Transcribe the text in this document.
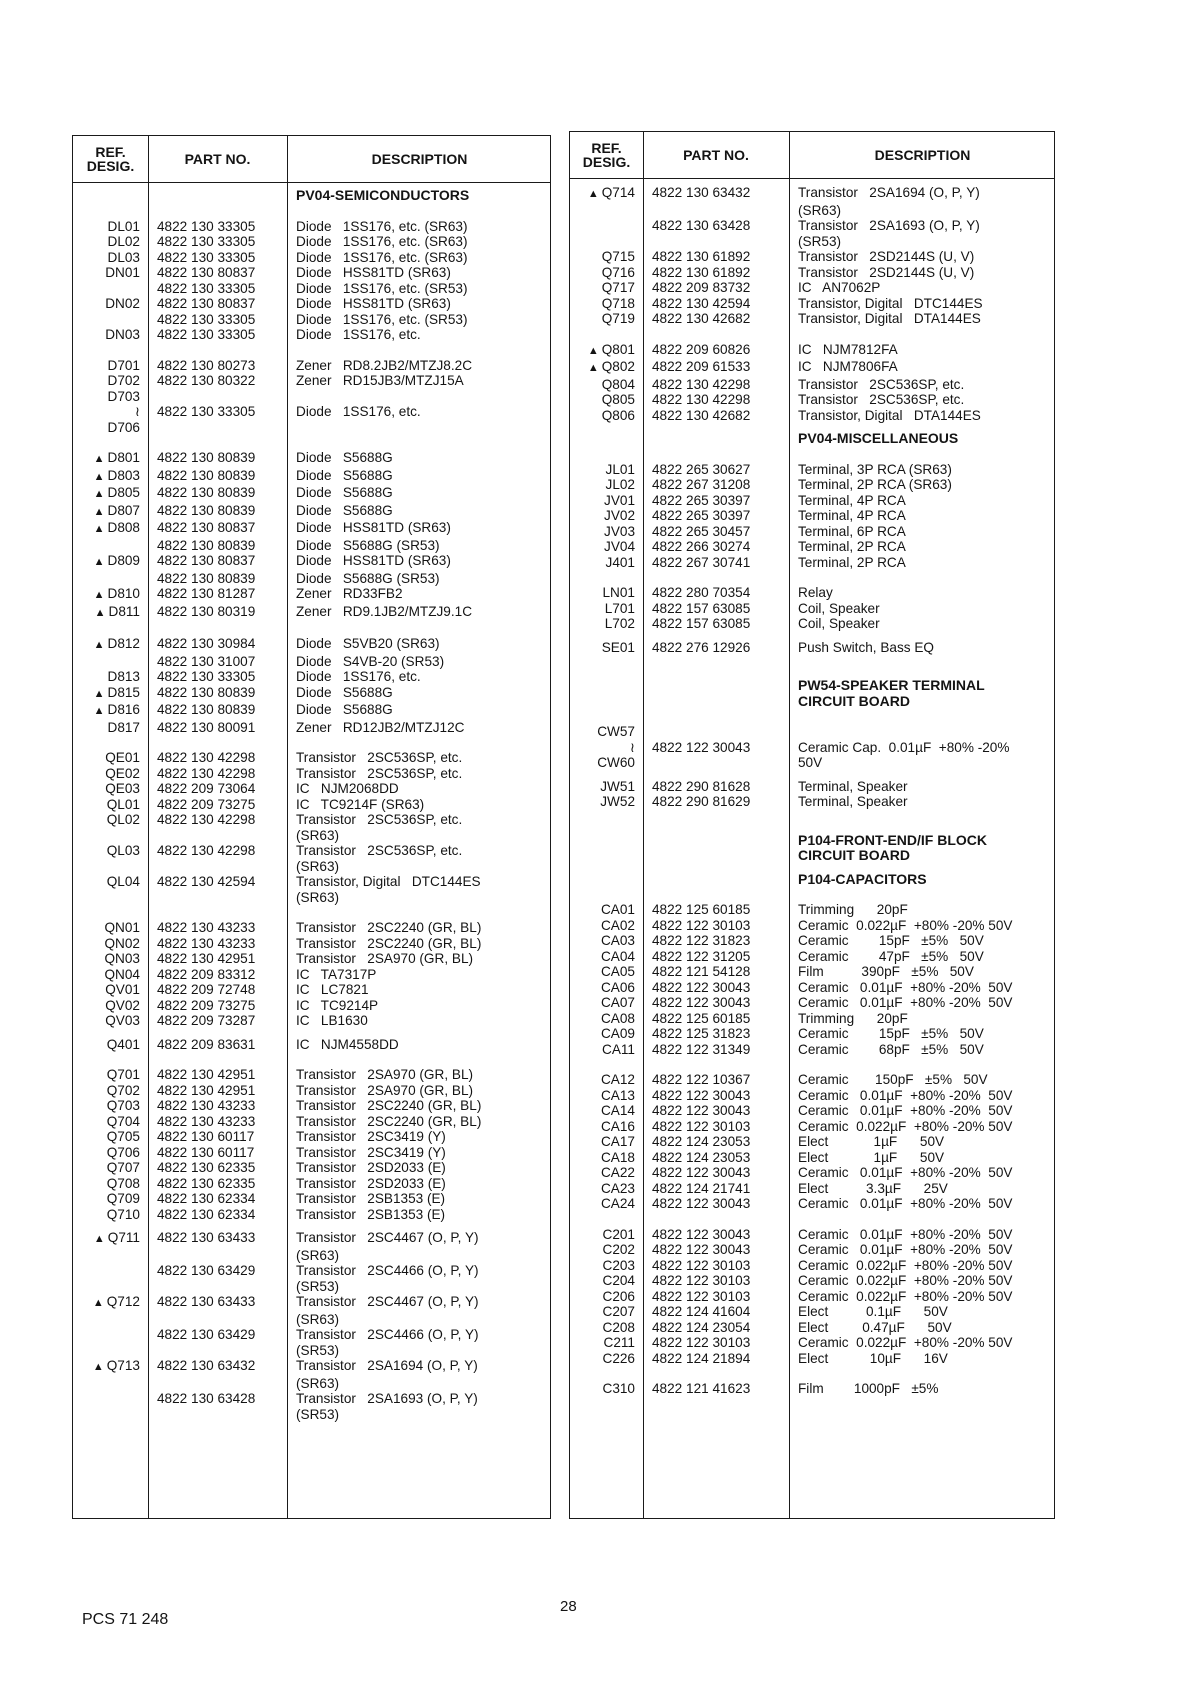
REF. DESIG.	PART NO.	DESCRIPTION
PV04-SEMICONDUCTORS
DL01	4822 130 33305	Diode   1SS176, etc. (SR63)
DL02	4822 130 33305	Diode   1SS176, etc. (SR63)
DL03	4822 130 33305	Diode   1SS176, etc. (SR63)
DN01	4822 130 80837	Diode   HSS81TD (SR63)
4822 130 33305	Diode   1SS176, etc. (SR53)
DN02	4822 130 80837	Diode   HSS81TD (SR63)
4822 130 33305	Diode   1SS176, etc. (SR53)
DN03	4822 130 33305	Diode   1SS176, etc.
D701	4822 130 80273	Zener   RD8.2JB2/MTZJ8.2C
D702	4822 130 80322	Zener   RD15JB3/MTZJ15A
D703
≀	4822 130 33305	Diode   1SS176, etc.
D706
▲ D801	4822 130 80839	Diode   S5688G
▲ D803	4822 130 80839	Diode   S5688G
▲ D805	4822 130 80839	Diode   S5688G
▲ D807	4822 130 80839	Diode   S5688G
▲ D808	4822 130 80837	Diode   HSS81TD (SR63)
4822 130 80839	Diode   S5688G (SR53)
▲ D809	4822 130 80837	Diode   HSS81TD (SR63)
4822 130 80839	Diode   S5688G (SR53)
▲ D810	4822 130 81287	Zener   RD33FB2
▲ D811	4822 130 80319	Zener   RD9.1JB2/MTZJ9.1C
▲ D812	4822 130 30984	Diode   S5VB20 (SR63)
4822 130 31007	Diode   S4VB-20 (SR53)
D813	4822 130 33305	Diode   1SS176, etc.
▲ D815	4822 130 80839	Diode   S5688G
▲ D816	4822 130 80839	Diode   S5688G
D817	4822 130 80091	Zener   RD12JB2/MTZJ12C
QE01	4822 130 42298	Transistor   2SC536SP, etc.
QE02	4822 130 42298	Transistor   2SC536SP, etc.
QE03	4822 209 73064	IC   NJM2068DD
QL01	4822 209 73275	IC   TC9214F (SR63)
QL02	4822 130 42298	Transistor   2SC536SP, etc.
(SR63)
QL03	4822 130 42298	Transistor   2SC536SP, etc.
(SR63)
QL04	4822 130 42594	Transistor, Digital   DTC144ES
(SR63)
QN01	4822 130 43233	Transistor   2SC2240 (GR, BL)
QN02	4822 130 43233	Transistor   2SC2240 (GR, BL)
QN03	4822 130 42951	Transistor   2SA970 (GR, BL)
QN04	4822 209 83312	IC   TA7317P
QV01	4822 209 72748	IC   LC7821
QV02	4822 209 73275	IC   TC9214P
QV03	4822 209 73287	IC   LB1630
Q401	4822 209 83631	IC   NJM4558DD
Q701	4822 130 42951	Transistor   2SA970 (GR, BL)
Q702	4822 130 42951	Transistor   2SA970 (GR, BL)
Q703	4822 130 43233	Transistor   2SC2240 (GR, BL)
Q704	4822 130 43233	Transistor   2SC2240 (GR, BL)
Q705	4822 130 60117	Transistor   2SC3419 (Y)
Q706	4822 130 60117	Transistor   2SC3419 (Y)
Q707	4822 130 62335	Transistor   2SD2033 (E)
Q708	4822 130 62335	Transistor   2SD2033 (E)
Q709	4822 130 62334	Transistor   2SB1353 (E)
Q710	4822 130 62334	Transistor   2SB1353 (E)
▲ Q711	4822 130 63433	Transistor   2SC4467 (O, P, Y)
(SR63)
4822 130 63429	Transistor   2SC4466 (O, P, Y)
(SR53)
▲ Q712	4822 130 63433	Transistor   2SC4467 (O, P, Y)
(SR63)
4822 130 63429	Transistor   2SC4466 (O, P, Y)
(SR53)
▲ Q713	4822 130 63432	Transistor   2SA1694 (O, P, Y)
(SR63)
4822 130 63428	Transistor   2SA1693 (O, P, Y)
(SR53)
REF. DESIG.	PART NO.	DESCRIPTION
▲ Q714	4822 130 63432	Transistor   2SA1694 (O, P, Y)
(SR63)
4822 130 63428	Transistor   2SA1693 (O, P, Y)
(SR53)
Q715	4822 130 61892	Transistor   2SD2144S (U, V)
Q716	4822 130 61892	Transistor   2SD2144S (U, V)
Q717	4822 209 83732	IC   AN7062P
Q718	4822 130 42594	Transistor, Digital   DTC144ES
Q719	4822 130 42682	Transistor, Digital   DTA144ES
▲ Q801	4822 209 60826	IC   NJM7812FA
▲ Q802	4822 209 61533	IC   NJM7806FA
Q804	4822 130 42298	Transistor   2SC536SP, etc.
Q805	4822 130 42298	Transistor   2SC536SP, etc.
Q806	4822 130 42682	Transistor, Digital   DTA144ES
PV04-MISCELLANEOUS
JL01	4822 265 30627	Terminal, 3P RCA (SR63)
JL02	4822 267 31208	Terminal, 2P RCA (SR63)
JV01	4822 265 30397	Terminal, 4P RCA
JV02	4822 265 30397	Terminal, 4P RCA
JV03	4822 265 30457	Terminal, 6P RCA
JV04	4822 266 30274	Terminal, 2P RCA
J401	4822 267 30741	Terminal, 2P RCA
LN01	4822 280 70354	Relay
L701	4822 157 63085	Coil, Speaker
L702	4822 157 63085	Coil, Speaker
SE01	4822 276 12926	Push Switch, Bass EQ
PW54-SPEAKER TERMINAL
CIRCUIT BOARD
CW57
≀	4822 122 30043	Ceramic Cap.  0.01µF  +80% -20%
CW60	50V
JW51	4822 290 81628	Terminal, Speaker
JW52	4822 290 81629	Terminal, Speaker
P104-FRONT-END/IF BLOCK
CIRCUIT BOARD
P104-CAPACITORS
CA01	4822 125 60185	Trimming      20pF
CA02	4822 122 30103	Ceramic  0.022µF  +80% -20% 50V
CA03	4822 122 31823	Ceramic        15pF   ±5%   50V
CA04	4822 122 31205	Ceramic        47pF   ±5%   50V
CA05	4822 121 54128	Film          390pF   ±5%   50V
CA06	4822 122 30043	Ceramic   0.01µF  +80% -20%  50V
CA07	4822 122 30043	Ceramic   0.01µF  +80% -20%  50V
CA08	4822 125 60185	Trimming      20pF
CA09	4822 125 31823	Ceramic        15pF   ±5%   50V
CA11	4822 122 31349	Ceramic        68pF   ±5%   50V
CA12	4822 122 10367	Ceramic       150pF   ±5%   50V
CA13	4822 122 30043	Ceramic   0.01µF  +80% -20%  50V
CA14	4822 122 30043	Ceramic   0.01µF  +80% -20%  50V
CA16	4822 122 30103	Ceramic  0.022µF  +80% -20% 50V
CA17	4822 124 23053	Elect            1µF      50V
CA18	4822 124 23053	Elect            1µF      50V
CA22	4822 122 30043	Ceramic   0.01µF  +80% -20%  50V
CA23	4822 124 21741	Elect          3.3µF      25V
CA24	4822 122 30043	Ceramic   0.01µF  +80% -20%  50V
C201	4822 122 30043	Ceramic   0.01µF  +80% -20%  50V
C202	4822 122 30043	Ceramic   0.01µF  +80% -20%  50V
C203	4822 122 30103	Ceramic  0.022µF  +80% -20% 50V
C204	4822 122 30103	Ceramic  0.022µF  +80% -20% 50V
C206	4822 122 30103	Ceramic  0.022µF  +80% -20% 50V
C207	4822 124 41604	Elect          0.1µF      50V
C208	4822 124 23054	Elect         0.47µF      50V
C211	4822 122 30103	Ceramic  0.022µF  +80% -20% 50V
C226	4822 124 21894	Elect           10µF      16V
C310	4822 121 41623	Film        1000pF   ±5%
28
PCS 71 248
